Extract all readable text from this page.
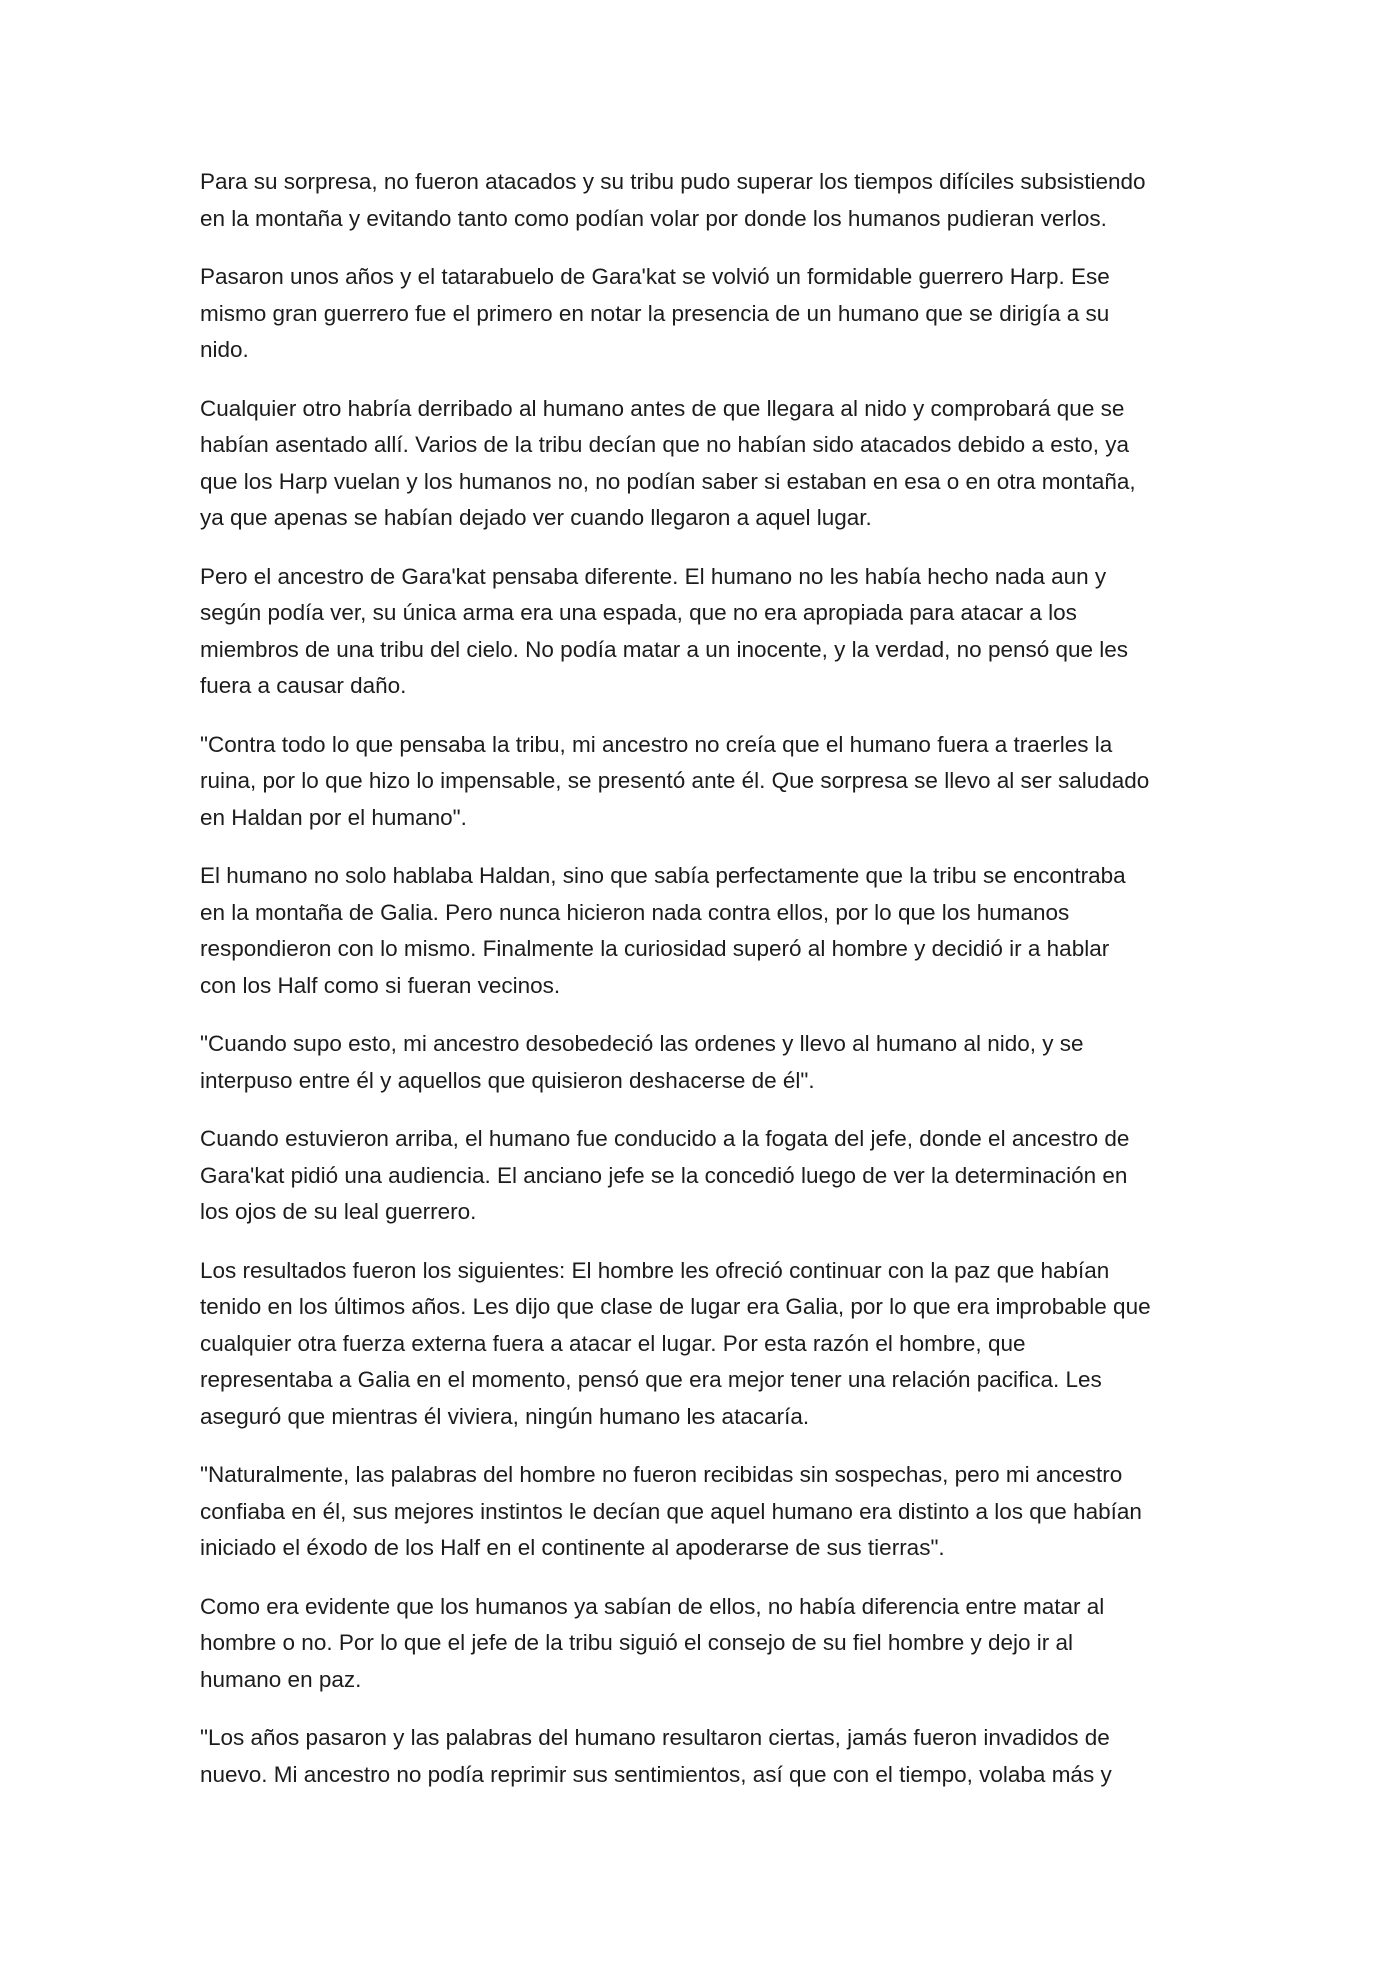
Para su sorpresa, no fueron atacados y su tribu pudo superar los tiempos difíciles subsistiendo
en la montaña y evitando tanto como podían volar por donde los humanos pudieran verlos.

Pasaron unos años y el tatarabuelo de Gara'kat se volvió un formidable guerrero Harp. Ese
mismo gran guerrero fue el primero en notar la presencia de un humano que se dirigía a su
nido.

Cualquier otro habría derribado al humano antes de que llegara al nido y comprobará que se
habían asentado allí. Varios de la tribu decían que no habían sido atacados debido a esto, ya
que los Harp vuelan y los humanos no, no podían saber si estaban en esa o en otra montaña,
ya que apenas se habían dejado ver cuando llegaron a aquel lugar.

Pero el ancestro de Gara'kat pensaba diferente. El humano no les había hecho nada aun y
según podía ver, su única arma era una espada, que no era apropiada para atacar a los
miembros de una tribu del cielo. No podía matar a un inocente, y la verdad, no pensó que les
fuera a causar daño.

"Contra todo lo que pensaba la tribu, mi ancestro no creía que el humano fuera a traerles la
ruina, por lo que hizo lo impensable, se presentó ante él. Que sorpresa se llevo al ser saludado
en Haldan por el humano".

El humano no solo hablaba Haldan, sino que sabía perfectamente que la tribu se encontraba
en la montaña de Galia. Pero nunca hicieron nada contra ellos, por lo que los humanos
respondieron con lo mismo. Finalmente la curiosidad superó al hombre y decidió ir a hablar
con los Half como si fueran vecinos.

"Cuando supo esto, mi ancestro desobedeció las ordenes y llevo al humano al nido, y se
interpuso entre él y aquellos que quisieron deshacerse de él".

Cuando estuvieron arriba, el humano fue conducido a la fogata del jefe, donde el ancestro de
Gara'kat pidió una audiencia. El anciano jefe se la concedió luego de ver la determinación en
los ojos de su leal guerrero.

Los resultados fueron los siguientes: El hombre les ofreció continuar con la paz que habían
tenido en los últimos años. Les dijo que clase de lugar era Galia, por lo que era improbable que
cualquier otra fuerza externa fuera a atacar el lugar. Por esta razón el hombre, que
representaba a Galia en el momento, pensó que era mejor tener una relación pacifica. Les
aseguró que mientras él viviera, ningún humano les atacaría.

"Naturalmente, las palabras del hombre no fueron recibidas sin sospechas, pero mi ancestro
confiaba en él, sus mejores instintos le decían que aquel humano era distinto a los que habían
iniciado el éxodo de los Half en el continente al apoderarse de sus tierras".

Como era evidente que los humanos ya sabían de ellos, no había diferencia entre matar al
hombre o no. Por lo que el jefe de la tribu siguió el consejo de su fiel hombre y dejo ir al
humano en paz.

"Los años pasaron y las palabras del humano resultaron ciertas, jamás fueron invadidos de
nuevo. Mi ancestro no podía reprimir sus sentimientos, así que con el tiempo, volaba más y
